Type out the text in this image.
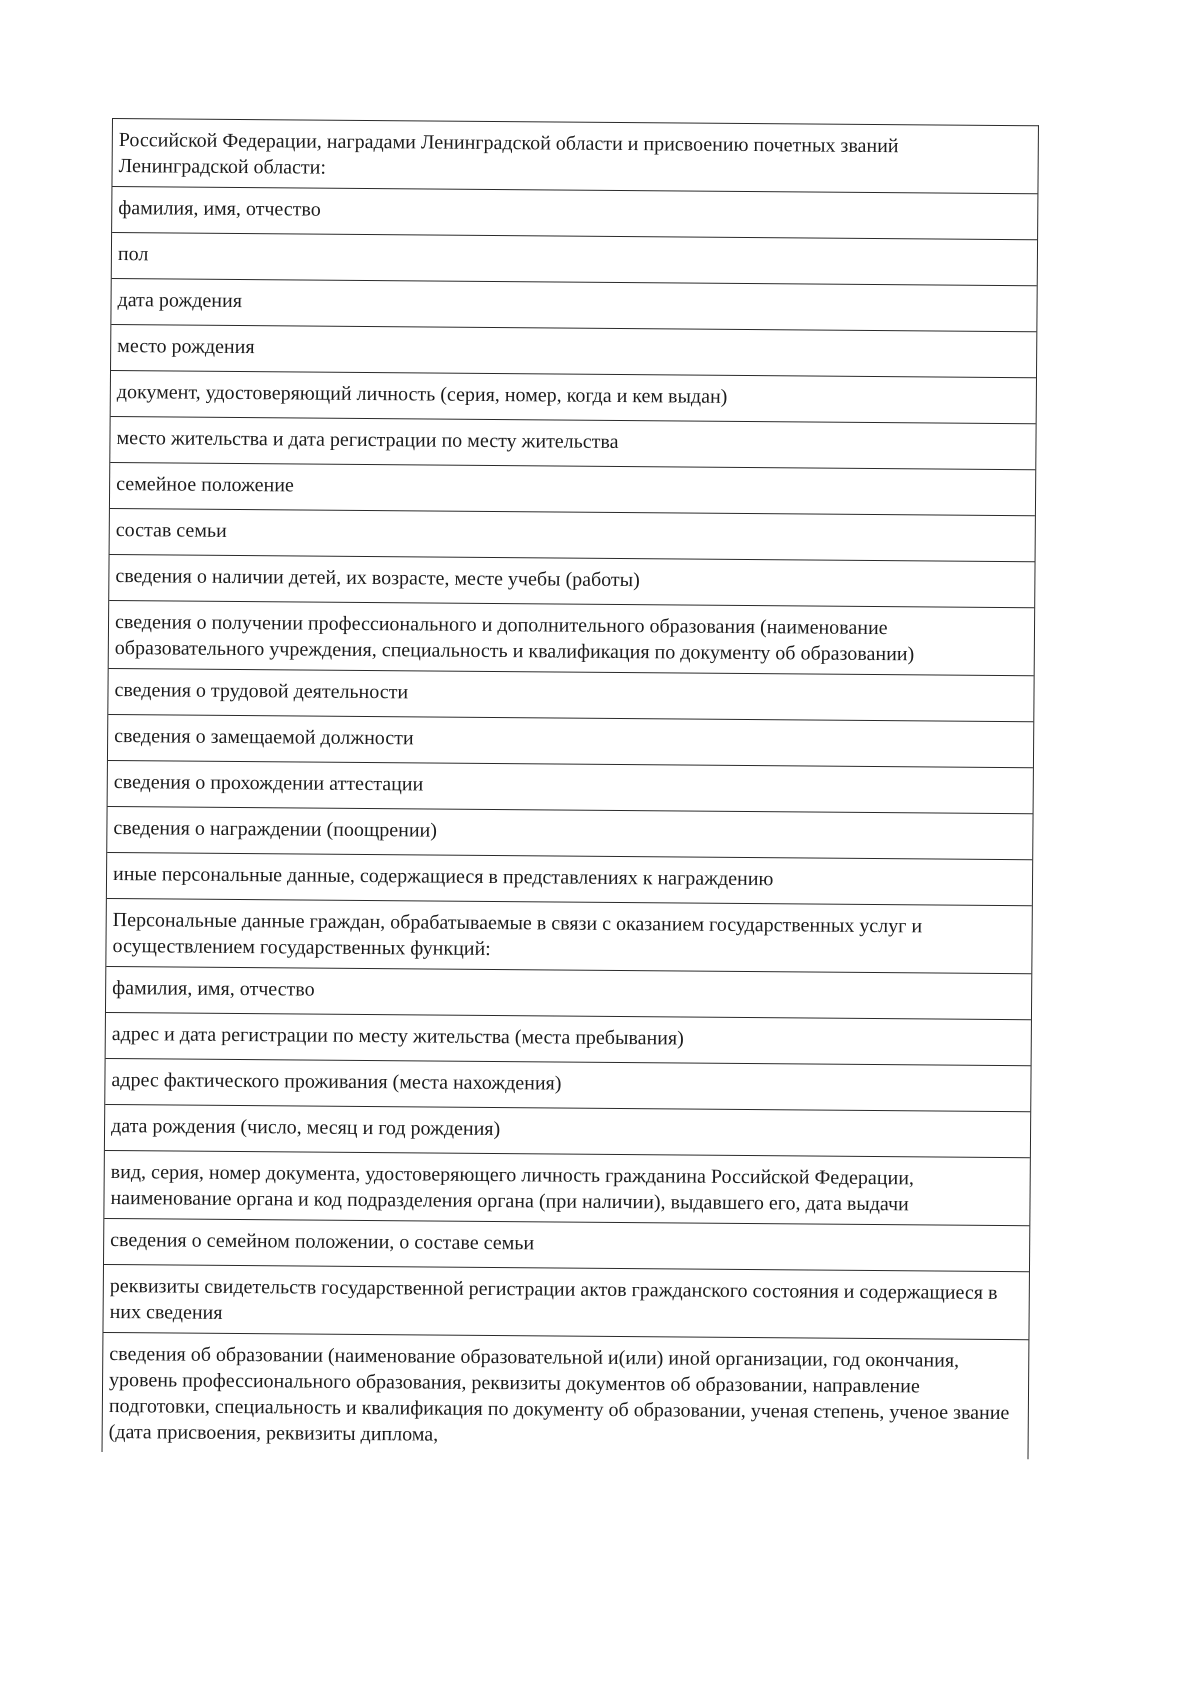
Российской Федерации, наградами Ленинградской области и присвоению почетных званий Ленинградской области:
фамилия, имя, отчество
пол
дата рождения
место рождения
документ, удостоверяющий личность (серия, номер, когда и кем выдан)
место жительства и дата регистрации по месту жительства
семейное положение
состав семьи
сведения о наличии детей, их возрасте, месте учебы (работы)
сведения о получении профессионального и дополнительного образования (наименование образовательного учреждения, специальность и квалификация по документу об образовании)
сведения о трудовой деятельности
сведения о замещаемой должности
сведения о прохождении аттестации
сведения о награждении (поощрении)
иные персональные данные, содержащиеся в представлениях к награждению
Персональные данные граждан, обрабатываемые в связи с оказанием государственных услуг и осуществлением государственных функций:
фамилия, имя, отчество
адрес и дата регистрации по месту жительства (места пребывания)
адрес фактического проживания (места нахождения)
дата рождения (число, месяц и год рождения)
вид, серия, номер документа, удостоверяющего личность гражданина Российской Федерации, наименование органа и код подразделения органа (при наличии), выдавшего его, дата выдачи
сведения о семейном положении, о составе семьи
реквизиты свидетельств государственной регистрации актов гражданского состояния и содержащиеся в них сведения
сведения об образовании (наименование образовательной и(или) иной организации, год окончания, уровень профессионального образования, реквизиты документов об образовании, направление подготовки, специальность и квалификация по документу об образовании, ученая степень, ученое звание (дата присвоения, реквизиты диплома,
